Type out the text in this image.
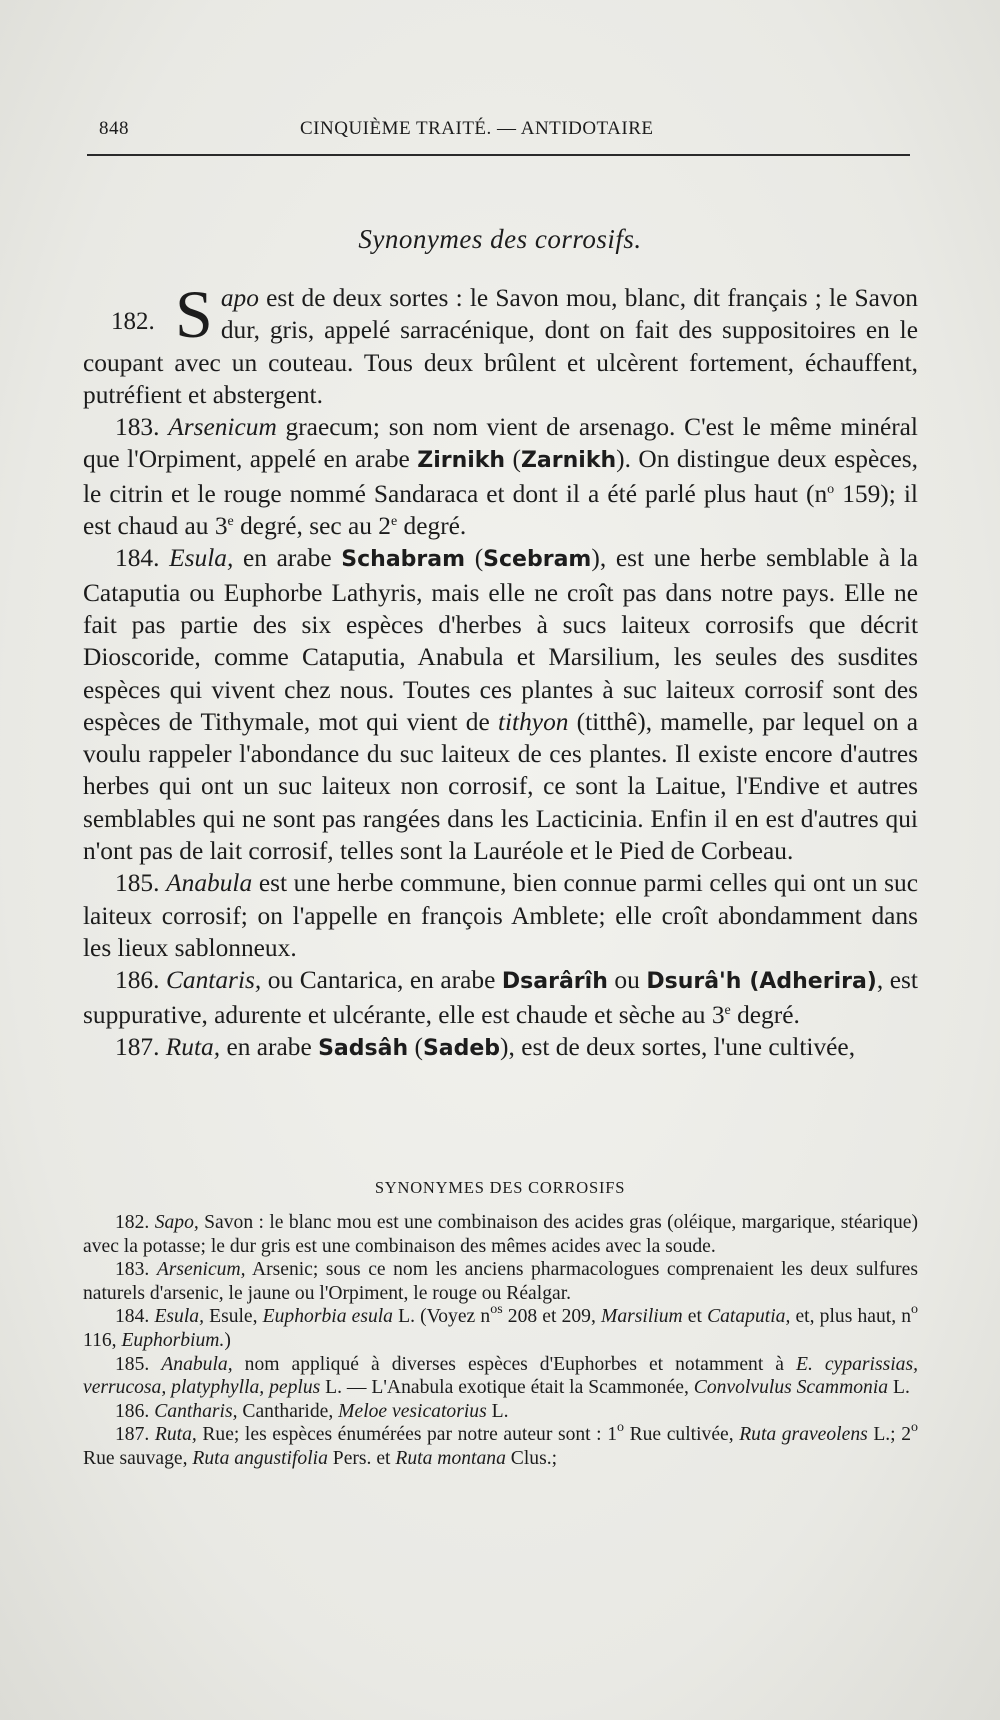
848	CINQUIÈME TRAITÉ. — ANTIDOTAIRE
Synonymes des corrosifs.

182. S apo est de deux sortes : le Savon mou, blanc, dit français ; le Savon dur, gris, appelé sarracénique, dont on fait des suppositoires en le coupant avec un couteau. Tous deux brûlent et ulcèrent fortement, échauffent, putréfient et abstergent.

183. Arsenicum graecum; son nom vient de arsenago. C'est le même minéral que l'Orpiment, appelé en arabe Zirnikh (Zarnikh). On distingue deux espèces, le citrin et le rouge nommé Sandaraca et dont il a été parlé plus haut ($n^o$ 159); il est chaud au 3e degré, sec au 2e degré.

184. Esula, en arabe Schabram (Scebram), est une herbe semblable à la Cataputia ou Euphorbe Lathyris, mais elle ne croît pas dans notre pays. Elle ne fait pas partie des six espèces d'herbes à sucs laiteux corrosifs que décrit Dioscoride, comme Cataputia, Anabula et Marsilium, les seules des susdites espèces qui vivent chez nous. Toutes ces plantes à suc laiteux corrosif sont des espèces de Tithymale, mot qui vient de tithyon (titthê), mamelle, par lequel on a voulu rappeler l'abondance du suc laiteux de ces plantes. Il existe encore d'autres herbes qui ont un suc laiteux non corrosif, ce sont la Laitue, l'Endive et autres semblables qui ne sont pas rangées dans les Lacticinia. Enfin il en est d'autres qui n'ont pas de lait corrosif, telles sont la Lauréole et le Pied de Corbeau.

185. Anabula est une herbe commune, bien connue parmi celles qui ont un suc laiteux corrosif; on l'appelle en françois Amblete; elle croît abondamment dans les lieux sablonneux.

186. Cantaris, ou Cantarica, en arabe Dsarârîh ou Dsurâ'h (Adherira), est suppurative, adurente et ulcérante, elle est chaude et sèche au 3e degré.

187. Ruta, en arabe Sadsâh (Sadeb), est de deux sortes, l'une cultivée,

SYNONYMES DES CORROSIFS

182. Sapo, Savon : le blanc mou est une combinaison des acides gras (oléique, margarique, stéarique) avec la potasse; le dur gris est une combinaison des mêmes acides avec la soude.

183. Arsenicum, Arsenic; sous ce nom les anciens pharmacologues comprenaient les deux sulfures naturels d'arsenic, le jaune ou l'Orpiment, le rouge ou Réalgar.

184. Esula, Esule, Euphorbia esula L. (Voyez $n^{os}$ 208 et 209, Marsilium et Cataputia, et, plus haut, $n^o$ 116, Euphorbium.)

185. Anabula, nom appliqué à diverses espèces d'Euphorbes et notamment à E. cyparissias, verrucosa, platyphylla, peplus L. — L'Anabula exotique était la Scammonée, Convolvulus Scammonia L.

186. Cantharis, Cantharide, Meloe vesicatorius L.

187. Ruta, Rue; les espèces énumérées par notre auteur sont : 1$^o$ Rue cultivée, Ruta graveolens L.; 2$^o$ Rue sauvage, Ruta angustifolia Pers. et Ruta montana Clus.;
